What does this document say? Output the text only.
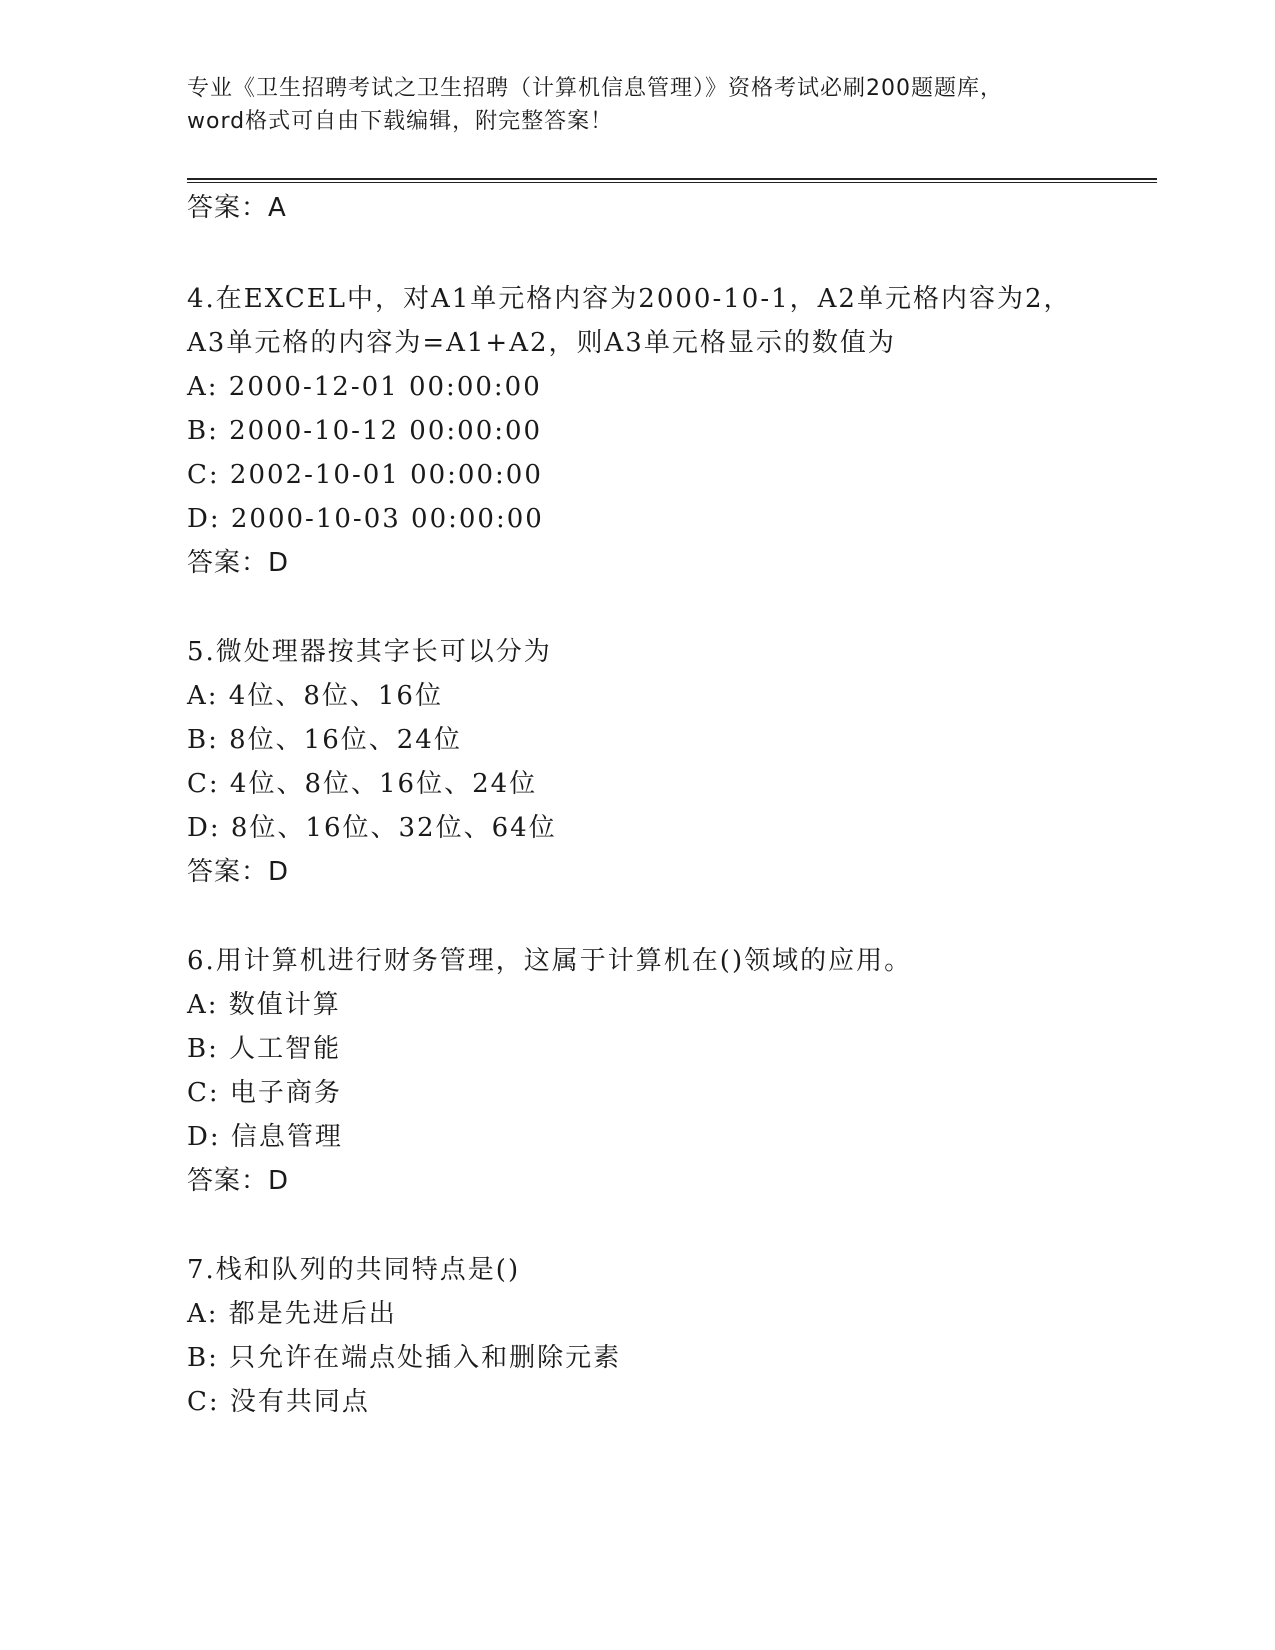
专业《卫生招聘考试之卫生招聘（计算机信息管理）》资格考试必刷200题题库，
word格式可自由下载编辑，附完整答案！
答案：A
4.在EXCEL中，对A1单元格内容为2000-10-1，A2单元格内容为2，
A3单元格的内容为=A1+A2，则A3单元格显示的数值为
A: 2000-12-01 00:00:00
B: 2000-10-12 00:00:00
C: 2002-10-01 00:00:00
D: 2000-10-03 00:00:00
答案：D
5.微处理器按其字长可以分为
A: 4位、8位、16位
B: 8位、16位、24位
C: 4位、8位、16位、24位
D: 8位、16位、32位、64位
答案：D
6.用计算机进行财务管理，这属于计算机在()领域的应用。
A: 数值计算
B: 人工智能
C: 电子商务
D: 信息管理
答案：D
7.栈和队列的共同特点是()
A: 都是先进后出
B: 只允许在端点处插入和删除元素
C: 没有共同点
